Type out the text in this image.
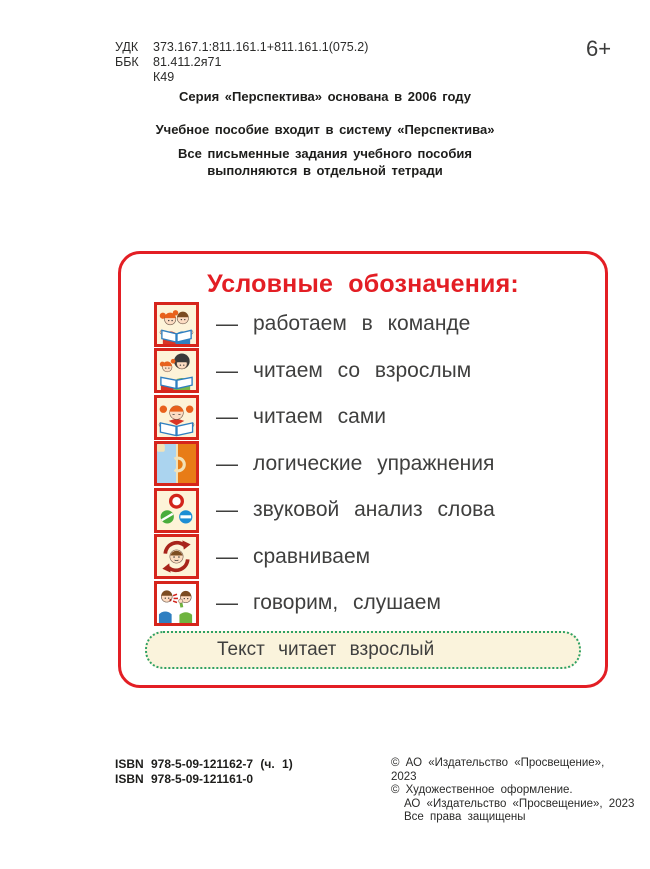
УДК	373.167.1:811.161.1+811.161.1(075.2)
ББК	81.411.2я71
К49
6+
Серия «Перспектива» основана в 2006 году
Учебное пособие входит в систему «Перспектива»
Все письменные задания учебного пособия
выполняются в отдельной тетради
Условные обозначения:
— работаем в команде
— читаем со взрослым
— читаем сами
— логические упражнения
— звуковой анализ слова
— сравниваем
— говорим, слушаем
Текст читает взрослый
ISBN 978-5-09-121162-7 (ч. 1)
ISBN 978-5-09-121161-0
© АО «Издательство «Просвещение», 2023
© Художественное оформление.
АО «Издательство «Просвещение», 2023
Все права защищены
